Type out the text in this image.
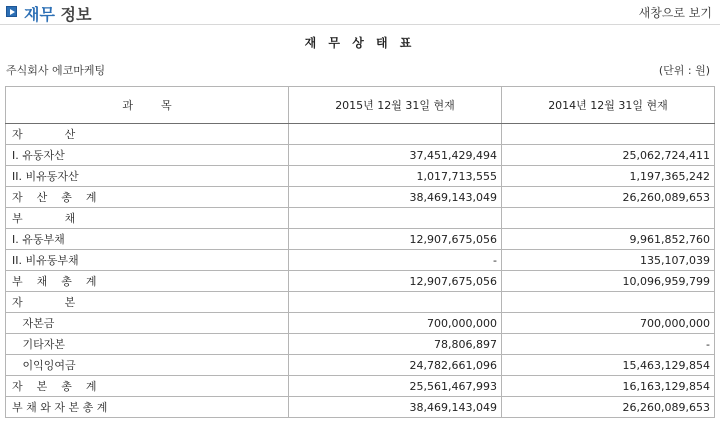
재무 정보	새창으로 보기
재 무 상 태 표
주식회사 에코마케팅	(단위 : 원)
과        목	2015년 12월 31일 현재	2014년 12월 31일 현재
자            산		
I. 유동자산	37,451,429,494	25,062,724,411
II. 비유동자산	1,017,713,555	1,197,365,242
자    산    총    계	38,469,143,049	26,260,089,653
부            채		
I. 유동부채	12,907,675,056	9,961,852,760
II. 비유동부채	-	135,107,039
부    채    총    계	12,907,675,056	10,096,959,799
자            본		
자본금	700,000,000	700,000,000
기타자본	78,806,897	-
이익잉여금	24,782,661,096	15,463,129,854
자    본    총    계	25,561,467,993	16,163,129,854
부 채 와 자 본 총 계	38,469,143,049	26,260,089,653
